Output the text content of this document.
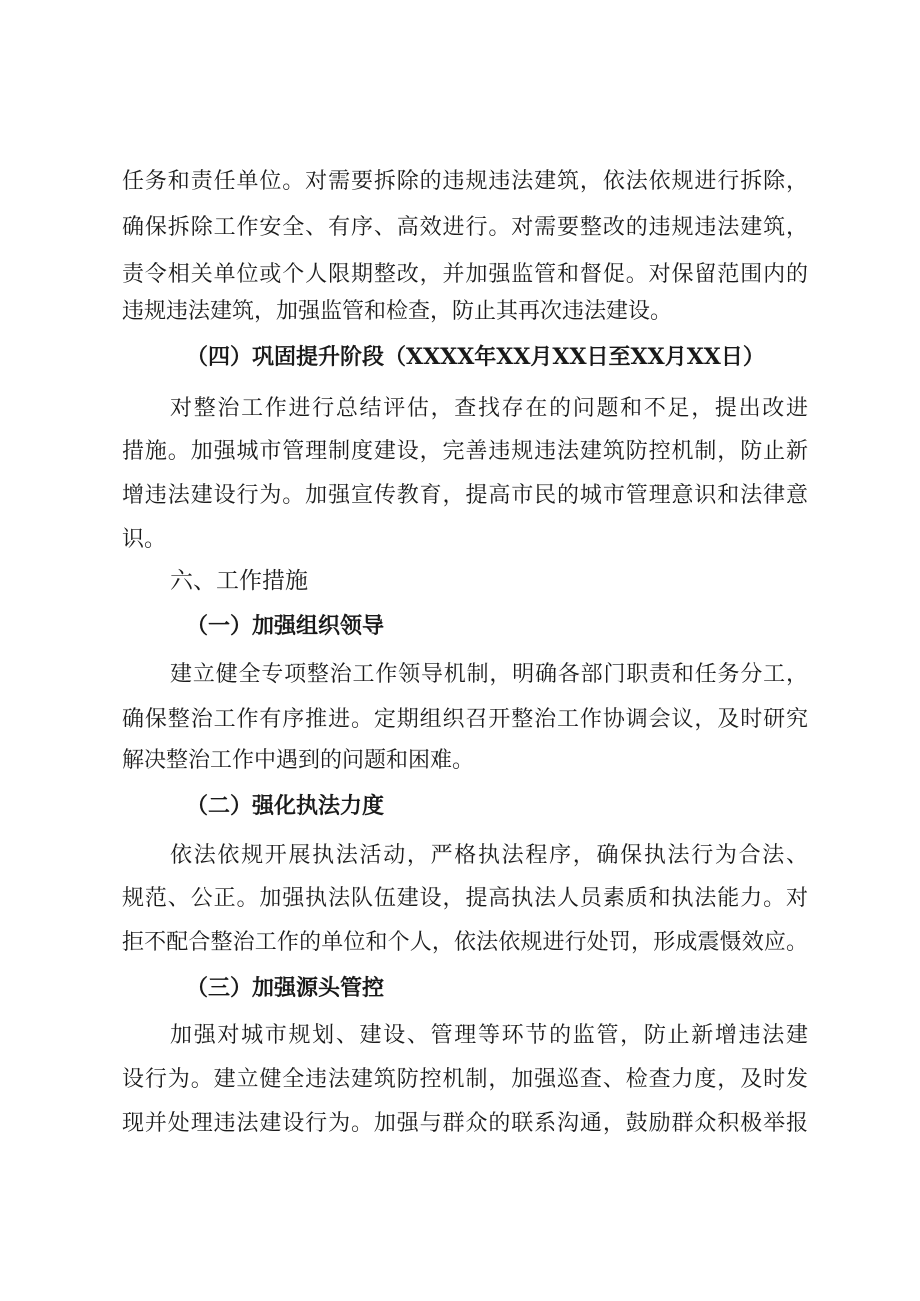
任务和责任单位。对需要拆除的违规违法建筑，依法依规进行拆除，
确保拆除工作安全、有序、高效进行。对需要整改的违规违法建筑，
责令相关单位或个人限期整改，并加强监管和督促。对保留范围内的
违规违法建筑，加强监管和检查，防止其再次违法建设。
（四）巩固提升阶段（XXXX年XX月XX日至XX月XX日）
对整治工作进行总结评估，查找存在的问题和不足，提出改进
措施。加强城市管理制度建设，完善违规违法建筑防控机制，防止新
增违法建设行为。加强宣传教育，提高市民的城市管理意识和法律意
识。
六、工作措施
（一）加强组织领导
建立健全专项整治工作领导机制，明确各部门职责和任务分工，
确保整治工作有序推进。定期组织召开整治工作协调会议，及时研究
解决整治工作中遇到的问题和困难。
（二）强化执法力度
依法依规开展执法活动，严格执法程序，确保执法行为合法、
规范、公正。加强执法队伍建设，提高执法人员素质和执法能力。对
拒不配合整治工作的单位和个人，依法依规进行处罚，形成震慑效应。
（三）加强源头管控
加强对城市规划、建设、管理等环节的监管，防止新增违法建
设行为。建立健全违法建筑防控机制，加强巡查、检查力度，及时发
现并处理违法建设行为。加强与群众的联系沟通，鼓励群众积极举报
